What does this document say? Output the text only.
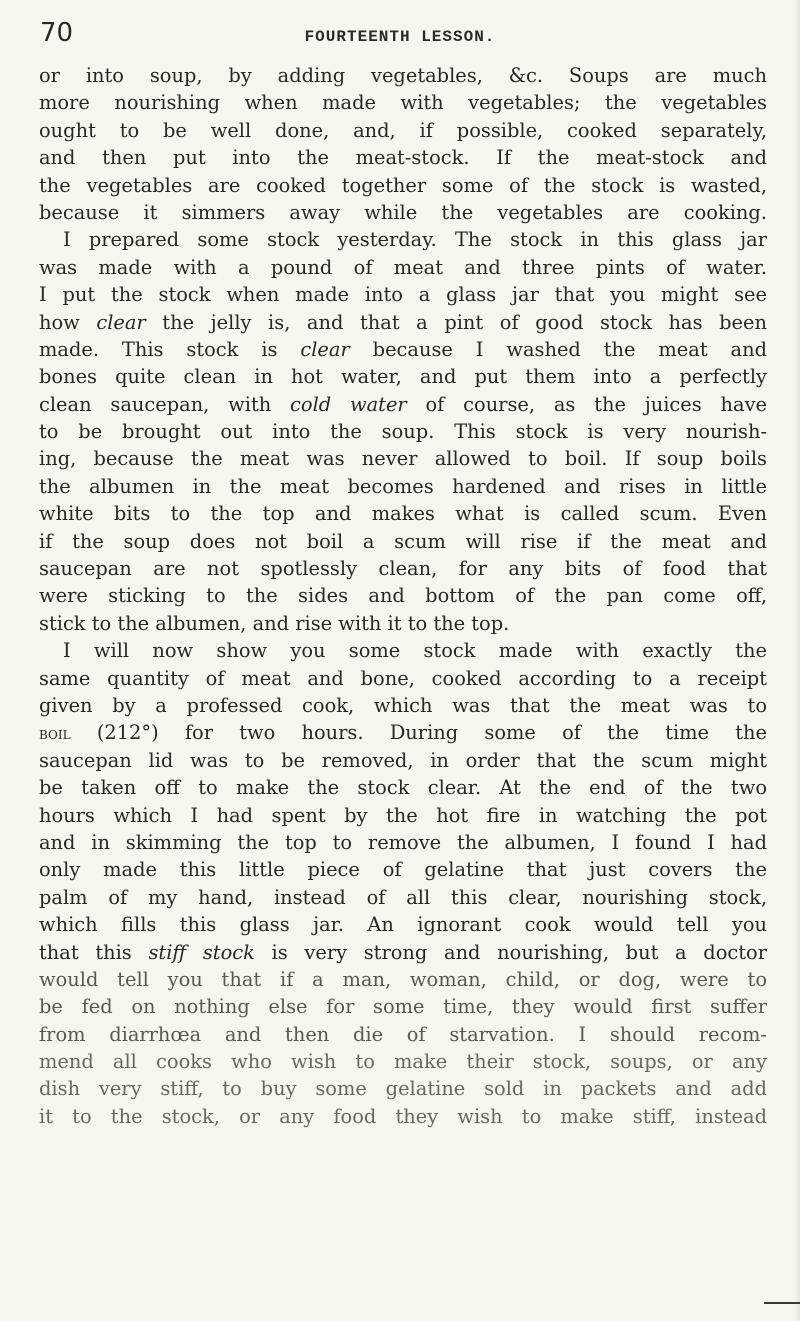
70	FOURTEENTH LESSON.
or into soup, by adding vegetables, &c. Soups are much
more nourishing when made with vegetables; the vegetables
ought to be well done, and, if possible, cooked separately,
and then put into the meat-stock. If the meat-stock and
the vegetables are cooked together some of the stock is wasted,
because it simmers away while the vegetables are cooking.
I prepared some stock yesterday. The stock in this glass jar
was made with a pound of meat and three pints of water.
I put the stock when made into a glass jar that you might see
how clear the jelly is, and that a pint of good stock has been
made. This stock is clear because I washed the meat and
bones quite clean in hot water, and put them into a perfectly
clean saucepan, with cold water of course, as the juices have
to be brought out into the soup. This stock is very nourish-
ing, because the meat was never allowed to boil. If soup boils
the albumen in the meat becomes hardened and rises in little
white bits to the top and makes what is called scum. Even
if the soup does not boil a scum will rise if the meat and
saucepan are not spotlessly clean, for any bits of food that
were sticking to the sides and bottom of the pan come off,
stick to the albumen, and rise with it to the top.
I will now show you some stock made with exactly the
same quantity of meat and bone, cooked according to a receipt
given by a professed cook, which was that the meat was to
boil (212°) for two hours. During some of the time the
saucepan lid was to be removed, in order that the scum might
be taken off to make the stock clear. At the end of the two
hours which I had spent by the hot fire in watching the pot
and in skimming the top to remove the albumen, I found I had
only made this little piece of gelatine that just covers the
palm of my hand, instead of all this clear, nourishing stock,
which fills this glass jar. An ignorant cook would tell you
that this stiff stock is very strong and nourishing, but a doctor
would tell you that if a man, woman, child, or dog, were to
be fed on nothing else for some time, they would first suffer
from diarrhœa and then die of starvation. I should recom-
mend all cooks who wish to make their stock, soups, or any
dish very stiff, to buy some gelatine sold in packets and add
it to the stock, or any food they wish to make stiff, instead
